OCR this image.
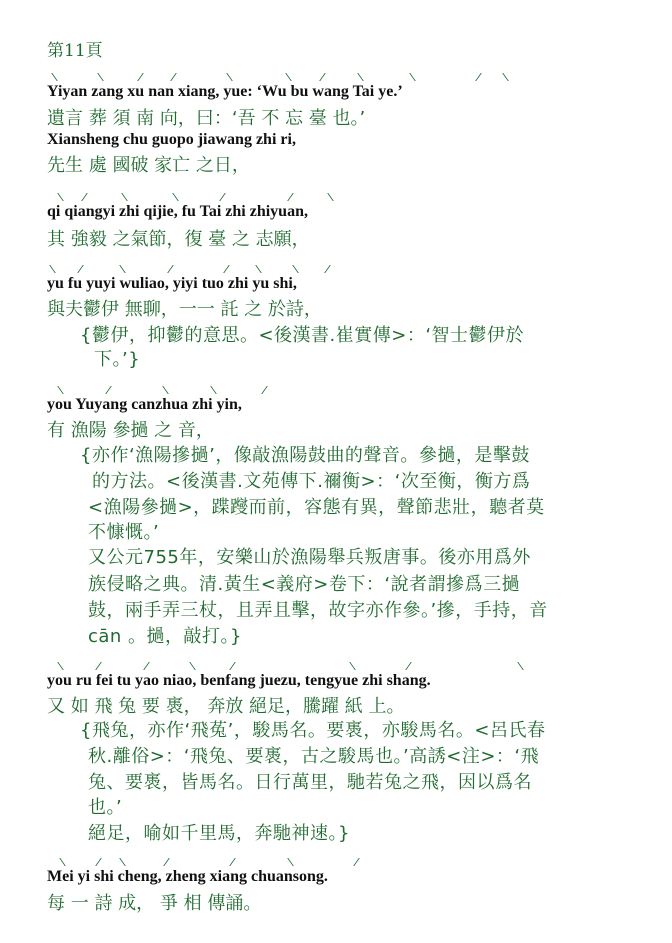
第11頁
Yiyan zang xu nan xiang, yue: ‘Wu bu wang Tai ye.’
遺言 葬 須 南 向，曰：‘吾 不 忘 臺 也。’
Xiansheng chu guopo jiawang zhi ri,
先生 處 國破 家亡 之日，
qi qiangyi zhi qijie, fu Tai zhi zhiyuan,
其 強毅 之氣節，復 臺 之 志願，
yu fu yuyi wuliao, yiyi tuo zhi yu shi,
與夫鬱伊 無聊，一一 託 之 於詩，
{鬱伊，抑鬱的意思。<後漢書.崔實傳>：‘智士鬱伊於
下。’}
you Yuyang canzhua zhi yin,
有 漁陽 參撾 之 音，
{亦作‘漁陽摻撾’，像敲漁陽鼓曲的聲音。參撾，是擊鼓
的方法。<後漢書.文苑傳下.禰衡>：‘次至衡，衡方爲
<漁陽參撾>，蹀躞而前，容態有異，聲節悲壯，聽者莫
不慷慨。’
又公元755年，安樂山於漁陽舉兵叛唐事。後亦用爲外
族侵略之典。清.黃生<義府>卷下：‘說者謂摻爲三撾
鼓，兩手弄三杖，且弄且擊，故字亦作參。’摻，手持，音
cān 。撾，敲打。}
you ru fei tu yao niao, benfang juezu, tengyue zhi shang.
又 如 飛 兔 要 褭， 奔放 絕足，騰躍 紙 上。
{飛兔，亦作‘飛菟’，駿馬名。要褭，亦駿馬名。<呂氏春
秋.離俗>：‘飛兔、要褭，古之駿馬也。’高誘<注>：‘飛
兔、要褭，皆馬名。日行萬里，馳若兔之飛，因以爲名
也。’
絕足，喻如千里馬，奔馳神速。}
Mei yi shi cheng, zheng xiang chuansong.
每 一 詩 成， 爭 相 傳誦。
